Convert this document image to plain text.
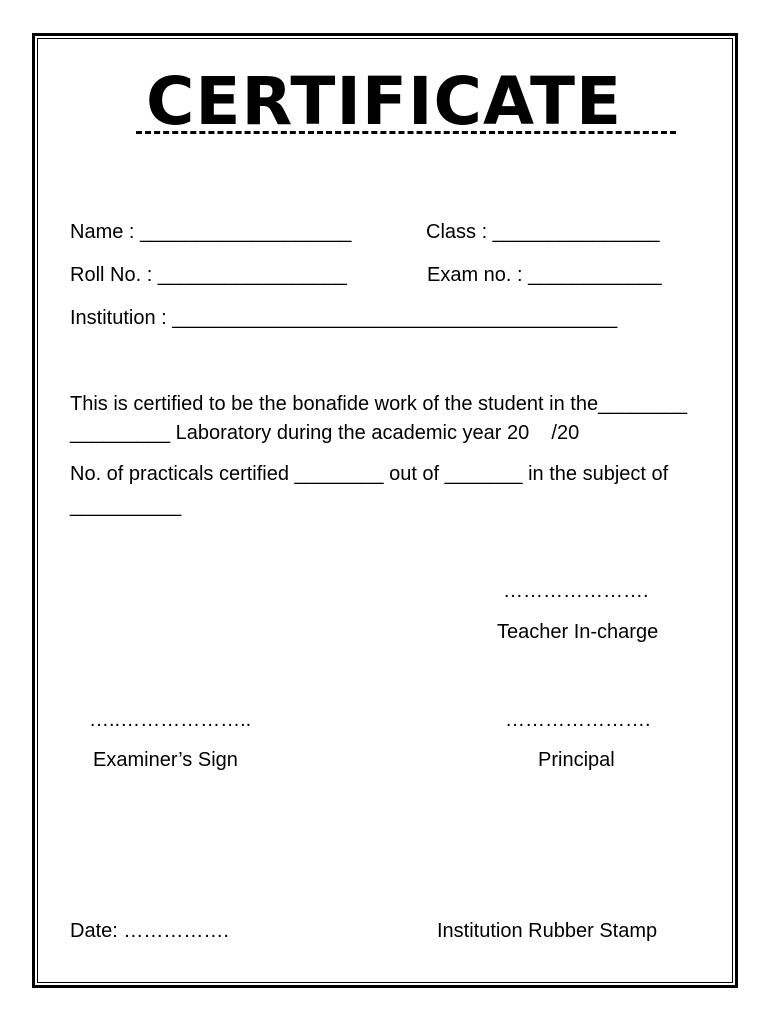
CERTIFICATE
Name : ___________________	Class : _______________
Roll No. : _________________	Exam no. : ____________
Institution : ________________________________________
This is certified to be the bonafide work of the student in the________
_________ Laboratory during the academic year 20    /20
No. of practicals certified ________ out of _______ in the subject of
__________
………………….
Teacher In-charge
…..………………..
Examiner’s Sign
………………….
Principal
Date: …………….	Institution Rubber Stamp
